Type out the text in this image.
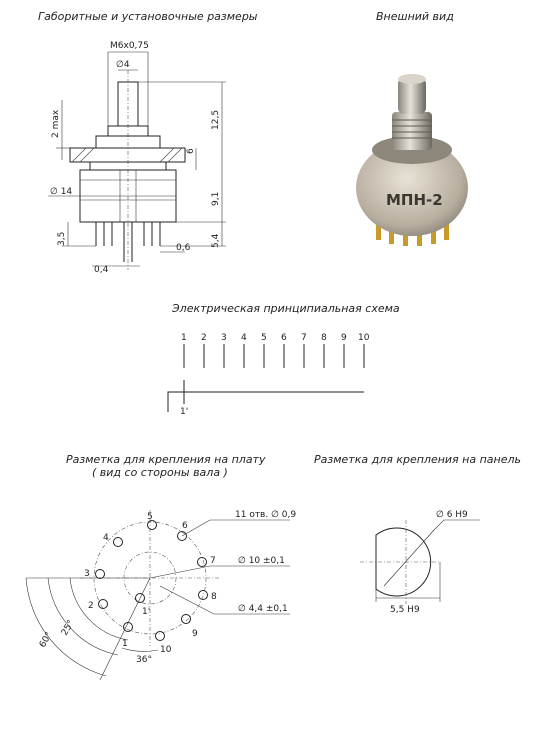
Габоритные и установочные размеры	Внешний вид
Электрическая принципиальная схема
Разметка для крепления на плату
( вид со стороны вала )
Разметка для крепления на панель
М6х0,75
∅4
2 max	12,5
6
∅ 14	9,1
3,5	5,4
0,6
0,4
МПН-2
1 2 3 4 5 6 7 8 9 10
1'
11 отв. ∅ 0,9
∅ 10 ±0,1
∅ 4,4 ±0,1
36°
25°
60°
1'
1
2
3
4
5
6
7
8
9
10
∅ 6 H9
5,5 H9
